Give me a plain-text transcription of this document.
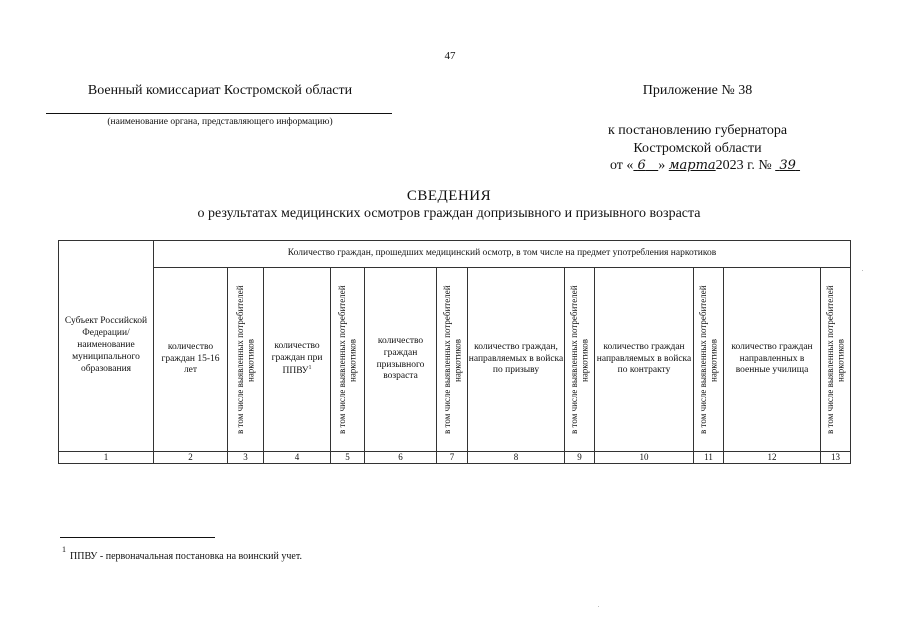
47
Военный комиссариат Костромской области
(наименование органа, представляющего информацию)
Приложение № 38
к постановлению губернатора
Костромской области
от « 6 » марта2023 г. № 39
СВЕДЕНИЯ
о результатах медицинских осмотров граждан допризывного и призывного возраста
Субъект Российской Федерации/ наименование муниципального образования	Количество граждан, прошедших медицинский осмотр, в том числе на предмет употребления наркотиков											
	количество граждан 15-16 лет	в том числе выявленных потребителей наркотиков	количество граждан при ППВУ$^1$	в том числе выявленных потребителей наркотиков	количество граждан призывного возраста	в том числе выявленных потребителей наркотиков	количество граждан, направляемых в войска по призыву	в том числе выявленных потребителей наркотиков	количество граждан направляемых в войска по контракту	в том числе выявленных потребителей наркотиков	количество граждан направленных в военные училища	в том числе выявленных потребителей наркотиков

1	2	3	4	5	6	7	8	9	10	11	12	13
1
ППВУ - первоначальная постановка на воинский учет.
